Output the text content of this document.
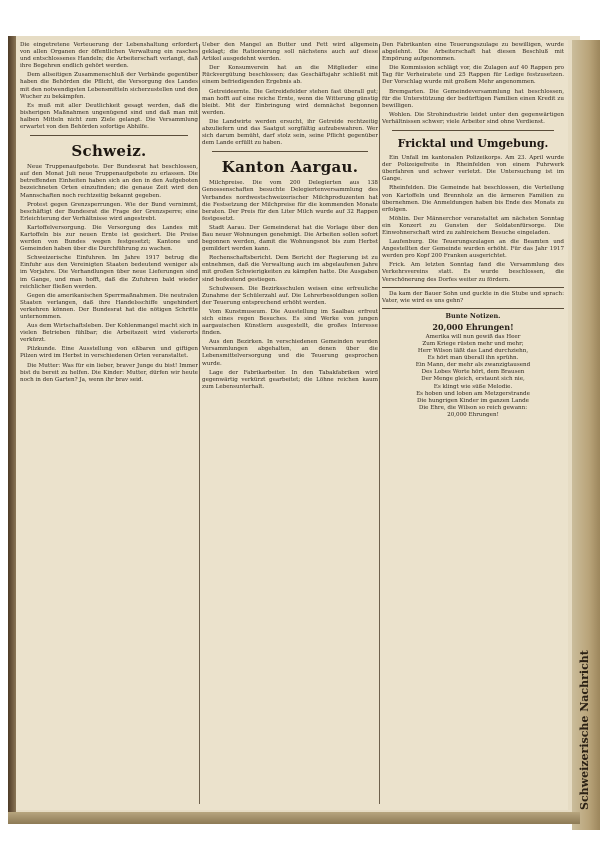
Schweizerische Nachricht

Die eingetretene Verteuerung der Lebenshaltung erfordert von allen Organen der öffentlichen Verwaltung ein rasches und entschlossenes Handeln; die Arbeiterschaft verlangt, daß ihre Begehren endlich gehört werden.

Dem allseitigen Zusammenschluß der Verbände gegenüber haben die Behörden die Pflicht, die Versorgung des Landes mit den notwendigsten Lebensmitteln sicherzustellen und den Wucher zu bekämpfen.

Es muß mit aller Deutlichkeit gesagt werden, daß die bisherigen Maßnahmen ungenügend sind und daß man mit halben Mitteln nicht zum Ziele gelangt. Die Versammlung erwartet von den Behörden sofortige Abhilfe.

Schweiz.

Neue Truppenaufgebote. Der Bundesrat hat beschlossen, auf den Monat Juli neue Truppenaufgebote zu erlassen. Die betreffenden Einheiten haben sich an den in den Aufgeboten bezeichneten Orten einzufinden; die genaue Zeit wird den Mannschaften noch rechtzeitig bekannt gegeben.

Protest gegen Grenzsperrungen. Wie der Bund vernimmt, beschäftigt der Bundesrat die Frage der Grenzsperre; eine Erleichterung der Verhältnisse wird angestrebt.

Kartoffelversorgung. Die Versorgung des Landes mit Kartoffeln bis zur neuen Ernte ist gesichert. Die Preise werden von Bundes wegen festgesetzt; Kantone und Gemeinden haben über die Durchführung zu wachen.

Schweizerische Einfuhren. Im Jahre 1917 betrug die Einfuhr aus den Vereinigten Staaten bedeutend weniger als im Vorjahre. Die Verhandlungen über neue Lieferungen sind im Gange, und man hofft, daß die Zufuhren bald wieder reichlicher fließen werden.

Gegen die amerikanischen Sperrmaßnahmen. Die neutralen Staaten verlangen, daß ihre Handelsschiffe ungehindert verkehren können. Der Bundesrat hat die nötigen Schritte unternommen.

Aus dem Wirtschaftsleben. Der Kohlenmangel macht sich in vielen Betrieben fühlbar; die Arbeitszeit wird vielerorts verkürzt.

Pilzkunde. Eine Ausstellung von eßbaren und giftigen Pilzen wird im Herbst in verschiedenen Orten veranstaltet.

Die Mutter: Was für ein lieber, braver Junge du bist! Immer bist du bereit zu helfen. Die Kinder: Mutter, dürfen wir heute noch in den Garten? Ja, wenn ihr brav seid.

Ueber den Mangel an Butter und Fett wird allgemein geklagt; die Rationierung soll nächstens auch auf diese Artikel ausgedehnt werden.

Der Konsumverein hat an die Mitglieder eine Rückvergütung beschlossen; das Geschäftsjahr schließt mit einem befriedigenden Ergebnis ab.

Getreideernte. Die Getreidefelder stehen fast überall gut; man hofft auf eine reiche Ernte, wenn die Witterung günstig bleibt. Mit der Einbringung wird demnächst begonnen werden.

Die Landwirte werden ersucht, ihr Getreide rechtzeitig abzuliefern und das Saatgut sorgfältig aufzubewahren. Wer sich darum bemüht, darf stolz sein, seine Pflicht gegenüber dem Lande erfüllt zu haben.

Kanton Aargau.

Milchpreise. Die vom 200 Delegierten aus 138 Genossenschaften besuchte Delegiertenversammlung des Verbandes nordwestschweizerischer Milchproduzenten hat die Festsetzung der Milchpreise für die kommenden Monate beraten. Der Preis für den Liter Milch wurde auf 32 Rappen festgesetzt.

Stadt Aarau. Der Gemeinderat hat die Vorlage über den Bau neuer Wohnungen genehmigt. Die Arbeiten sollen sofort begonnen werden, damit die Wohnungsnot bis zum Herbst gemildert werden kann.

Rechenschaftsbericht. Dem Bericht der Regierung ist zu entnehmen, daß die Verwaltung auch im abgelaufenen Jahre mit großen Schwierigkeiten zu kämpfen hatte. Die Ausgaben sind bedeutend gestiegen.

Schulwesen. Die Bezirksschulen weisen eine erfreuliche Zunahme der Schülerzahl auf. Die Lehrerbesoldungen sollen der Teuerung entsprechend erhöht werden.

Vom Kunstmuseum. Die Ausstellung im Saalbau erfreut sich eines regen Besuches. Es sind Werke von jungen aargauischen Künstlern ausgestellt, die großes Interesse finden.

Aus den Bezirken. In verschiedenen Gemeinden wurden Versammlungen abgehalten, an denen über die Lebensmittelversorgung und die Teuerung gesprochen wurde.

Lage der Fabrikarbeiter. In den Tabakfabriken wird gegenwärtig verkürzt gearbeitet; die Löhne reichen kaum zum Lebensunterhalt.

Den Fabrikanten eine Teuerungszulage zu bewilligen, wurde abgelehnt. Die Arbeiterschaft hat diesen Beschluß mit Empörung aufgenommen.

Die Kommission schlägt vor, die Zulagen auf 40 Rappen pro Tag für Verheiratete und 25 Rappen für Ledige festzusetzen. Der Vorschlag wurde mit großem Mehr angenommen.

Bremgarten. Die Gemeindeversammlung hat beschlossen, für die Unterstützung der bedürftigen Familien einen Kredit zu bewilligen.

Wohlen. Die Strohindustrie leidet unter den gegenwärtigen Verhältnissen schwer; viele Arbeiter sind ohne Verdienst.

Fricktal und Umgebung.

Ein Unfall im kantonalen Polizeikorps. Am 23. April wurde der Polizeigefreite in Rheinfelden von einem Fuhrwerk überfahren und schwer verletzt. Die Untersuchung ist im Gange.

Rheinfelden. Die Gemeinde hat beschlossen, die Verteilung von Kartoffeln und Brennholz an die ärmeren Familien zu übernehmen. Die Anmeldungen haben bis Ende des Monats zu erfolgen.

Möhlin. Der Männerchor veranstaltet am nächsten Sonntag ein Konzert zu Gunsten der Soldatenfürsorge. Die Einwohnerschaft wird zu zahlreichem Besuche eingeladen.

Laufenburg. Die Teuerungszulagen an die Beamten und Angestellten der Gemeinde wurden erhöht. Für das Jahr 1917 werden pro Kopf 200 Franken ausgerichtet.

Frick. Am letzten Sonntag fand die Versammlung des Verkehrsvereins statt. Es wurde beschlossen, die Verschönerung des Dorfes weiter zu fördern.

Da kam der Bauer Sohn und guckte in die Stube und sprach: Vater, wie wird es uns gehn?

Bunte Notizen.
20,000 Ehrungen!

Amerika will nun gewiß das Heer

Zum Kriege rüsten mehr und mehr;

Herr Wilson läßt das Land durchziehn,

Es hört man überall ihn sprühn.

Ein Mann, der mehr als zwanzigtausend

Des Lobes Worte hört, dem Brausen

Der Menge gleich, erstaunt sich nie,

Es klingt wie süße Melodie.

Es hoben und loben am Metzgerstrande

Die hungrigen Kinder im ganzen Lande

Die Ehre, die Wilson so reich gewann:

20,000 Ehrungen!
